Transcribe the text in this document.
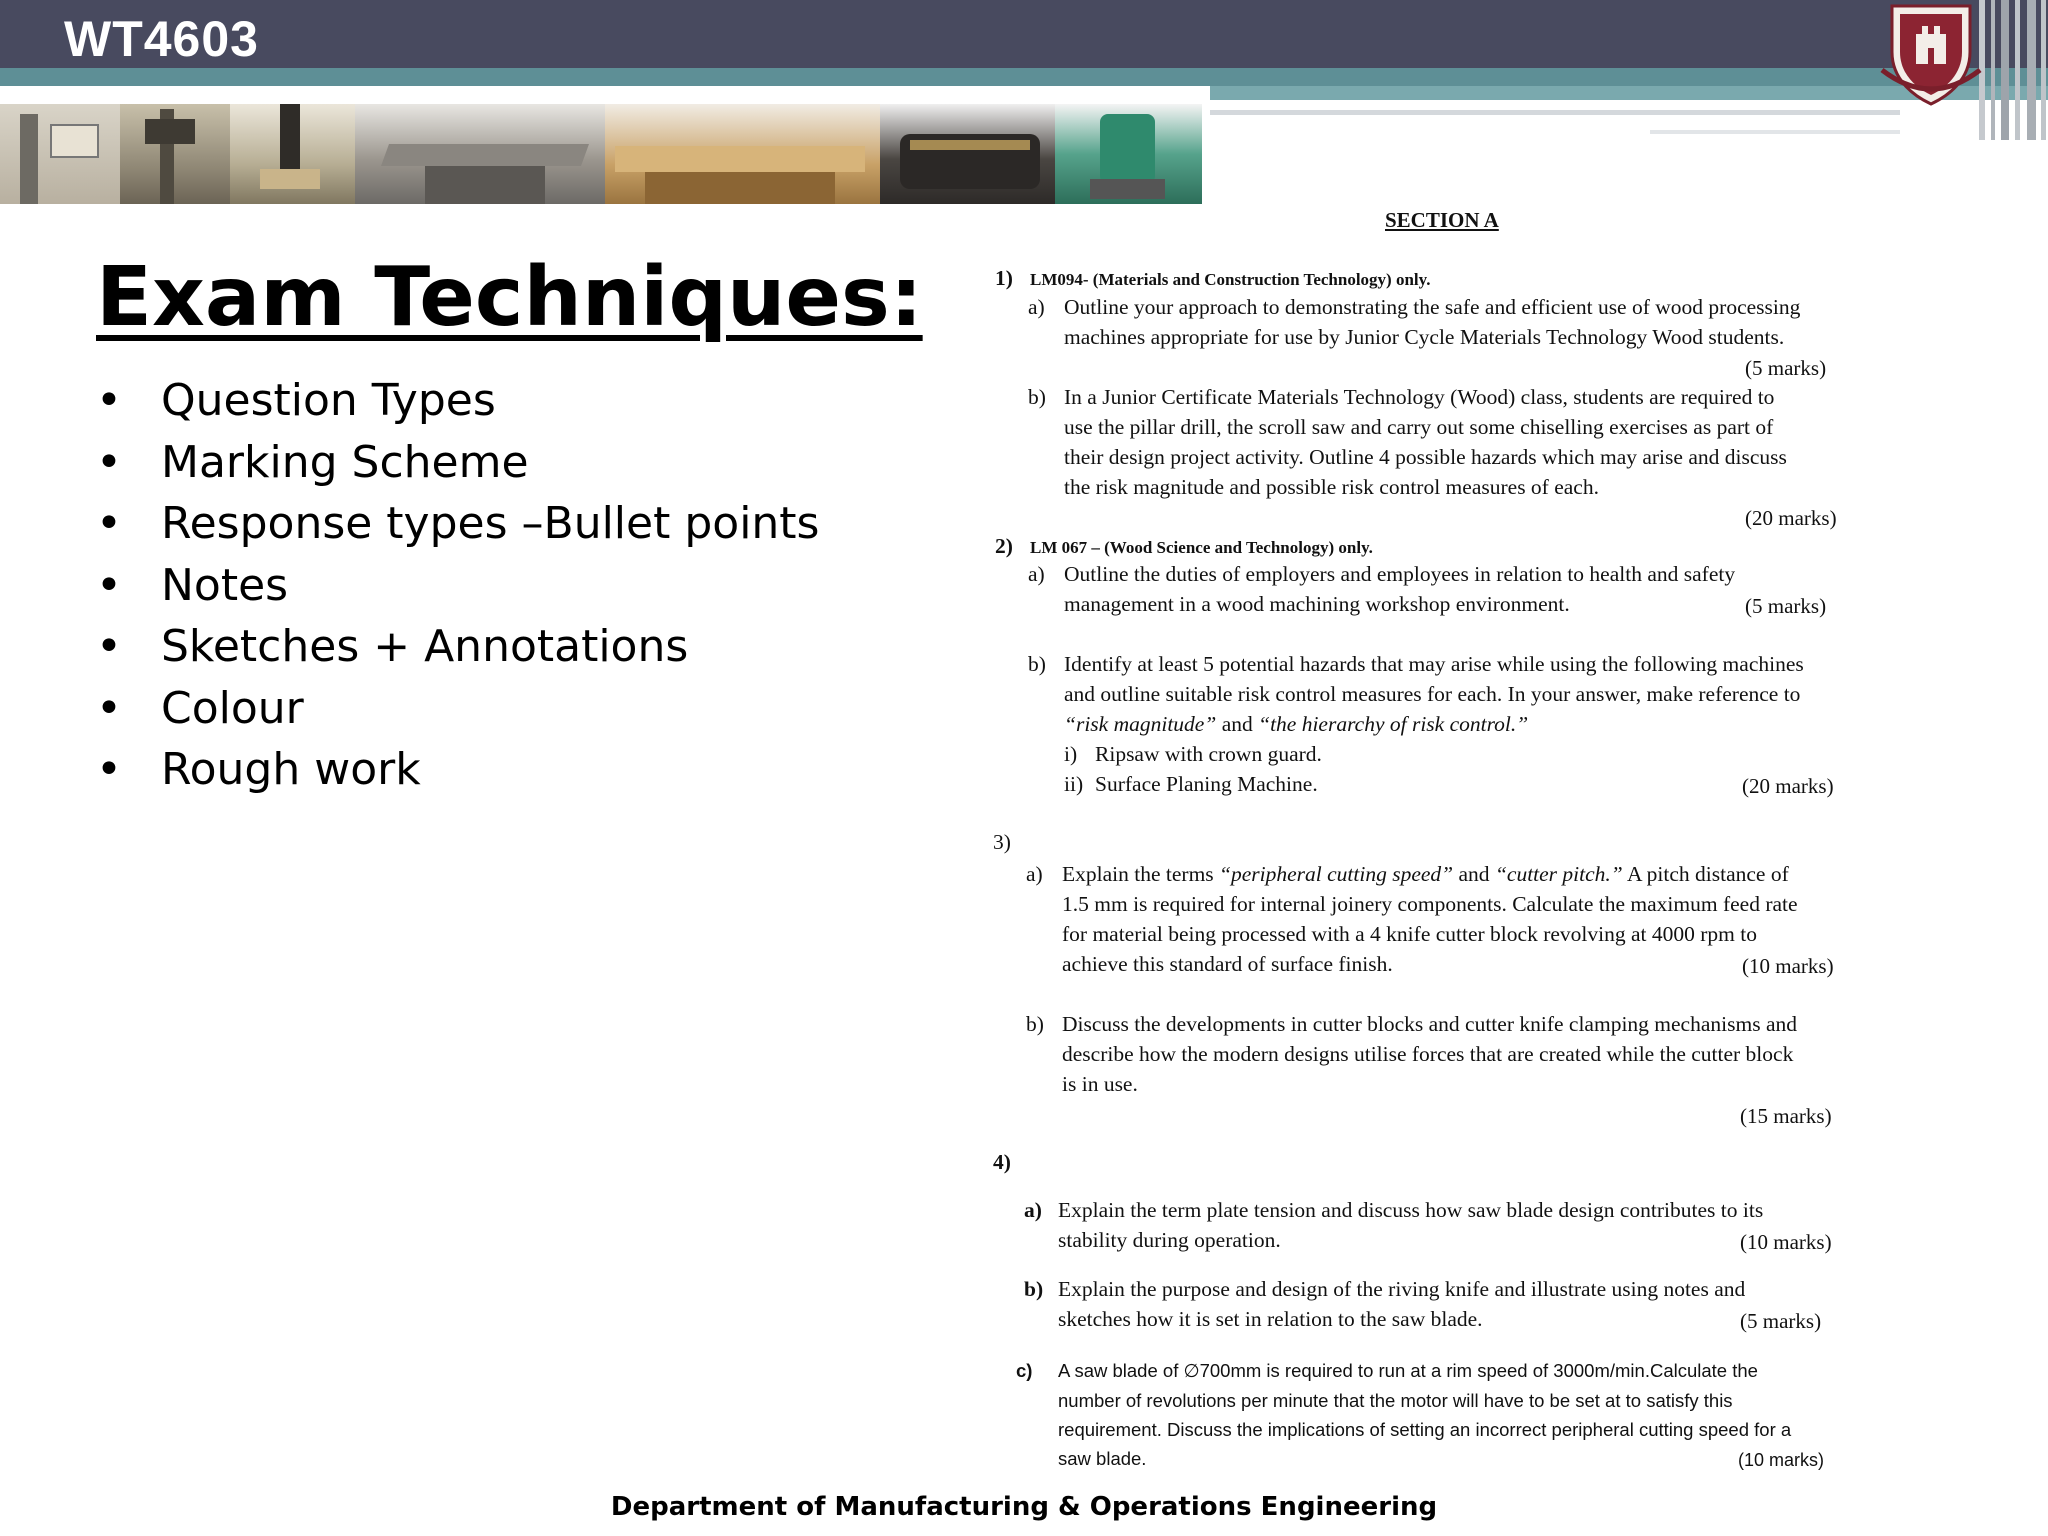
WT4603
Exam Techniques:
• Question Types
• Marking Scheme
• Response types –Bullet points
• Notes
• Sketches + Annotations
• Colour
• Rough work
SECTION A
1) LM094- (Materials and Construction Technology) only.
a) Outline your approach to demonstrating the safe and efficient use of wood processing
machines appropriate for use by Junior Cycle Materials Technology Wood students.
(5 marks)
b) In a Junior Certificate Materials Technology (Wood) class, students are required to
use the pillar drill, the scroll saw and carry out some chiselling exercises as part of
their design project activity. Outline 4 possible hazards which may arise and discuss
the risk magnitude and possible risk control measures of each.
(20 marks)
2) LM 067 – (Wood Science and Technology) only.
a) Outline the duties of employers and employees in relation to health and safety
management in a wood machining workshop environment.	(5 marks)
b) Identify at least 5 potential hazards that may arise while using the following machines
and outline suitable risk control measures for each. In your answer, make reference to
“risk magnitude” and “the hierarchy of risk control.”
i) Ripsaw with crown guard.
ii) Surface Planing Machine.	(20 marks)
3)
a) Explain the terms “peripheral cutting speed” and “cutter pitch.” A pitch distance of
1.5 mm is required for internal joinery components. Calculate the maximum feed rate
for material being processed with a 4 knife cutter block revolving at 4000 rpm to
achieve this standard of surface finish.	(10 marks)
b) Discuss the developments in cutter blocks and cutter knife clamping mechanisms and
describe how the modern designs utilise forces that are created while the cutter block
is in use.
(15 marks)
4)
a) Explain the term plate tension and discuss how saw blade design contributes to its
stability during operation.	(10 marks)
b) Explain the purpose and design of the riving knife and illustrate using notes and
sketches how it is set in relation to the saw blade.	(5 marks)
c) A saw blade of ∅700mm is required to run at a rim speed of 3000m/min.Calculate the
number of revolutions per minute that the motor will have to be set at to satisfy this
requirement. Discuss the implications of setting an incorrect peripheral cutting speed for a
saw blade.	(10 marks)
Department of Manufacturing & Operations Engineering
